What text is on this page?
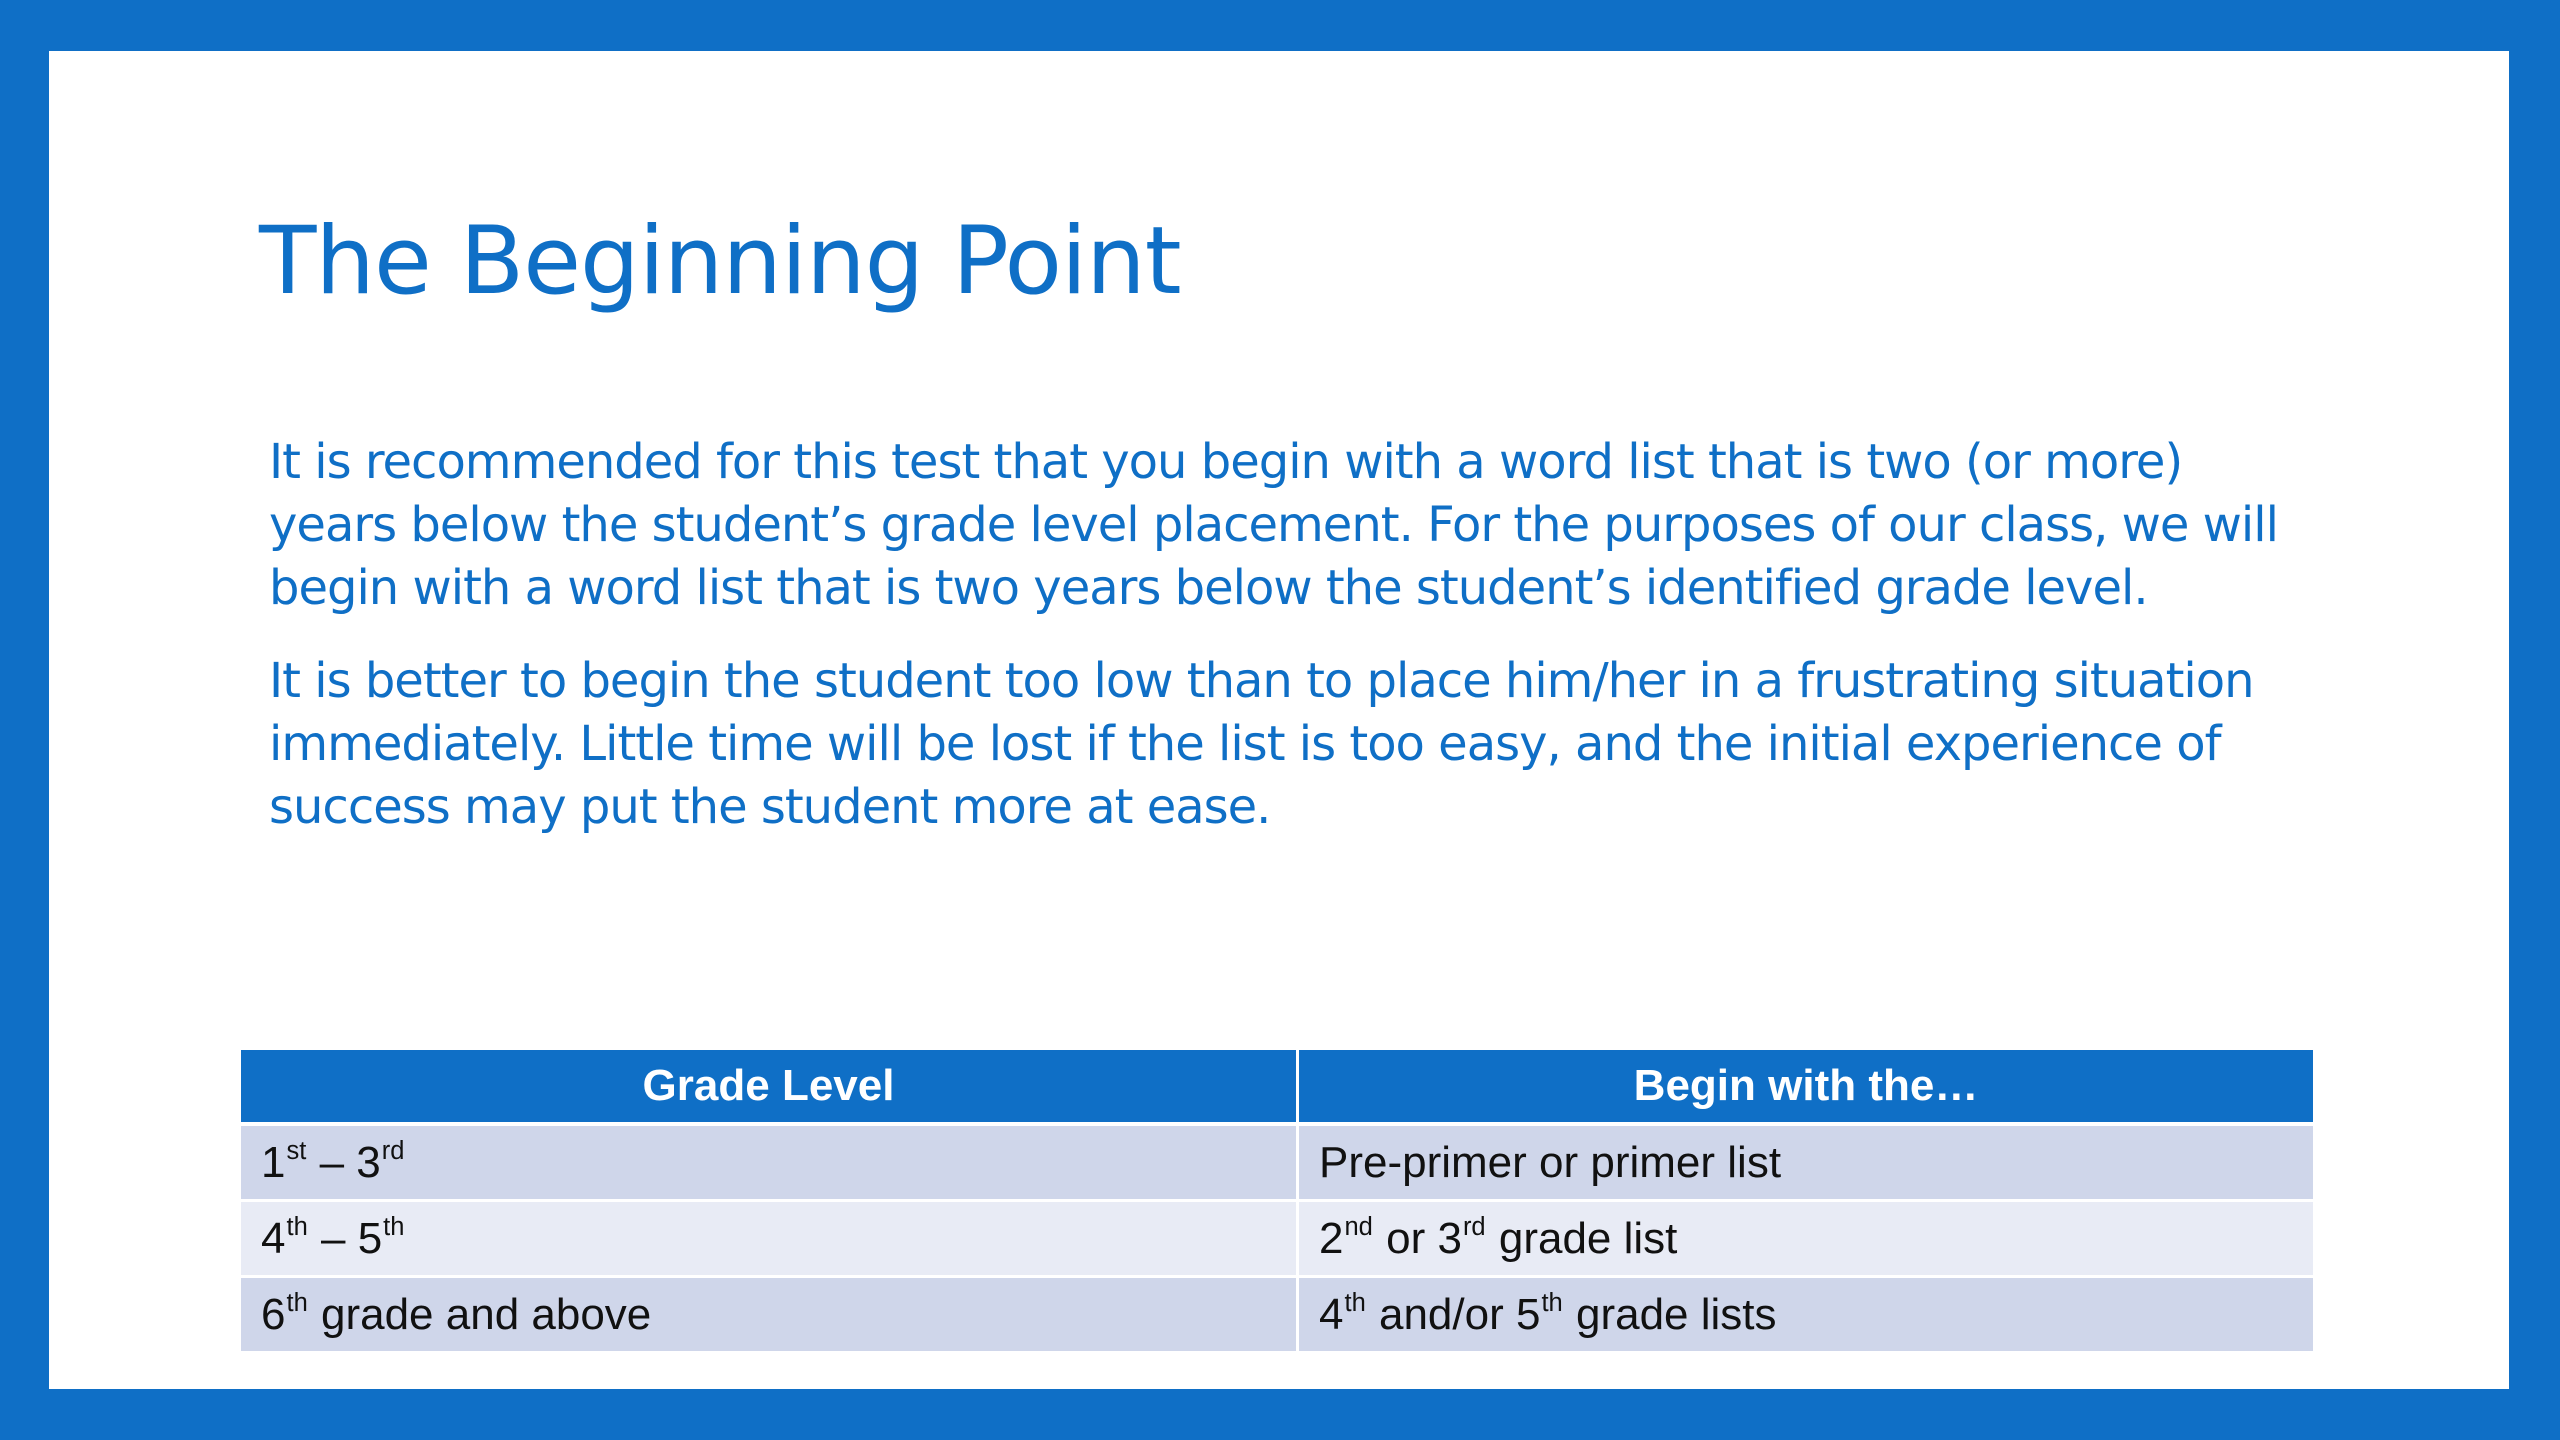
The Beginning Point

It is recommended for this test that you begin with a word list that is two (or more) years below the student’s grade level placement. For the purposes of our class, we will begin with a word list that is two years below the student’s identified grade level.

It is better to begin the student too low than to place him/her in a frustrating situation immediately. Little time will be lost if the list is too easy, and the initial experience of success may put the student more at ease.

Grade Level	Begin with the…
1st – 3rd	Pre-primer or primer list
4th – 5th	2nd or 3rd grade list
6th grade and above	4th and/or 5th grade lists
